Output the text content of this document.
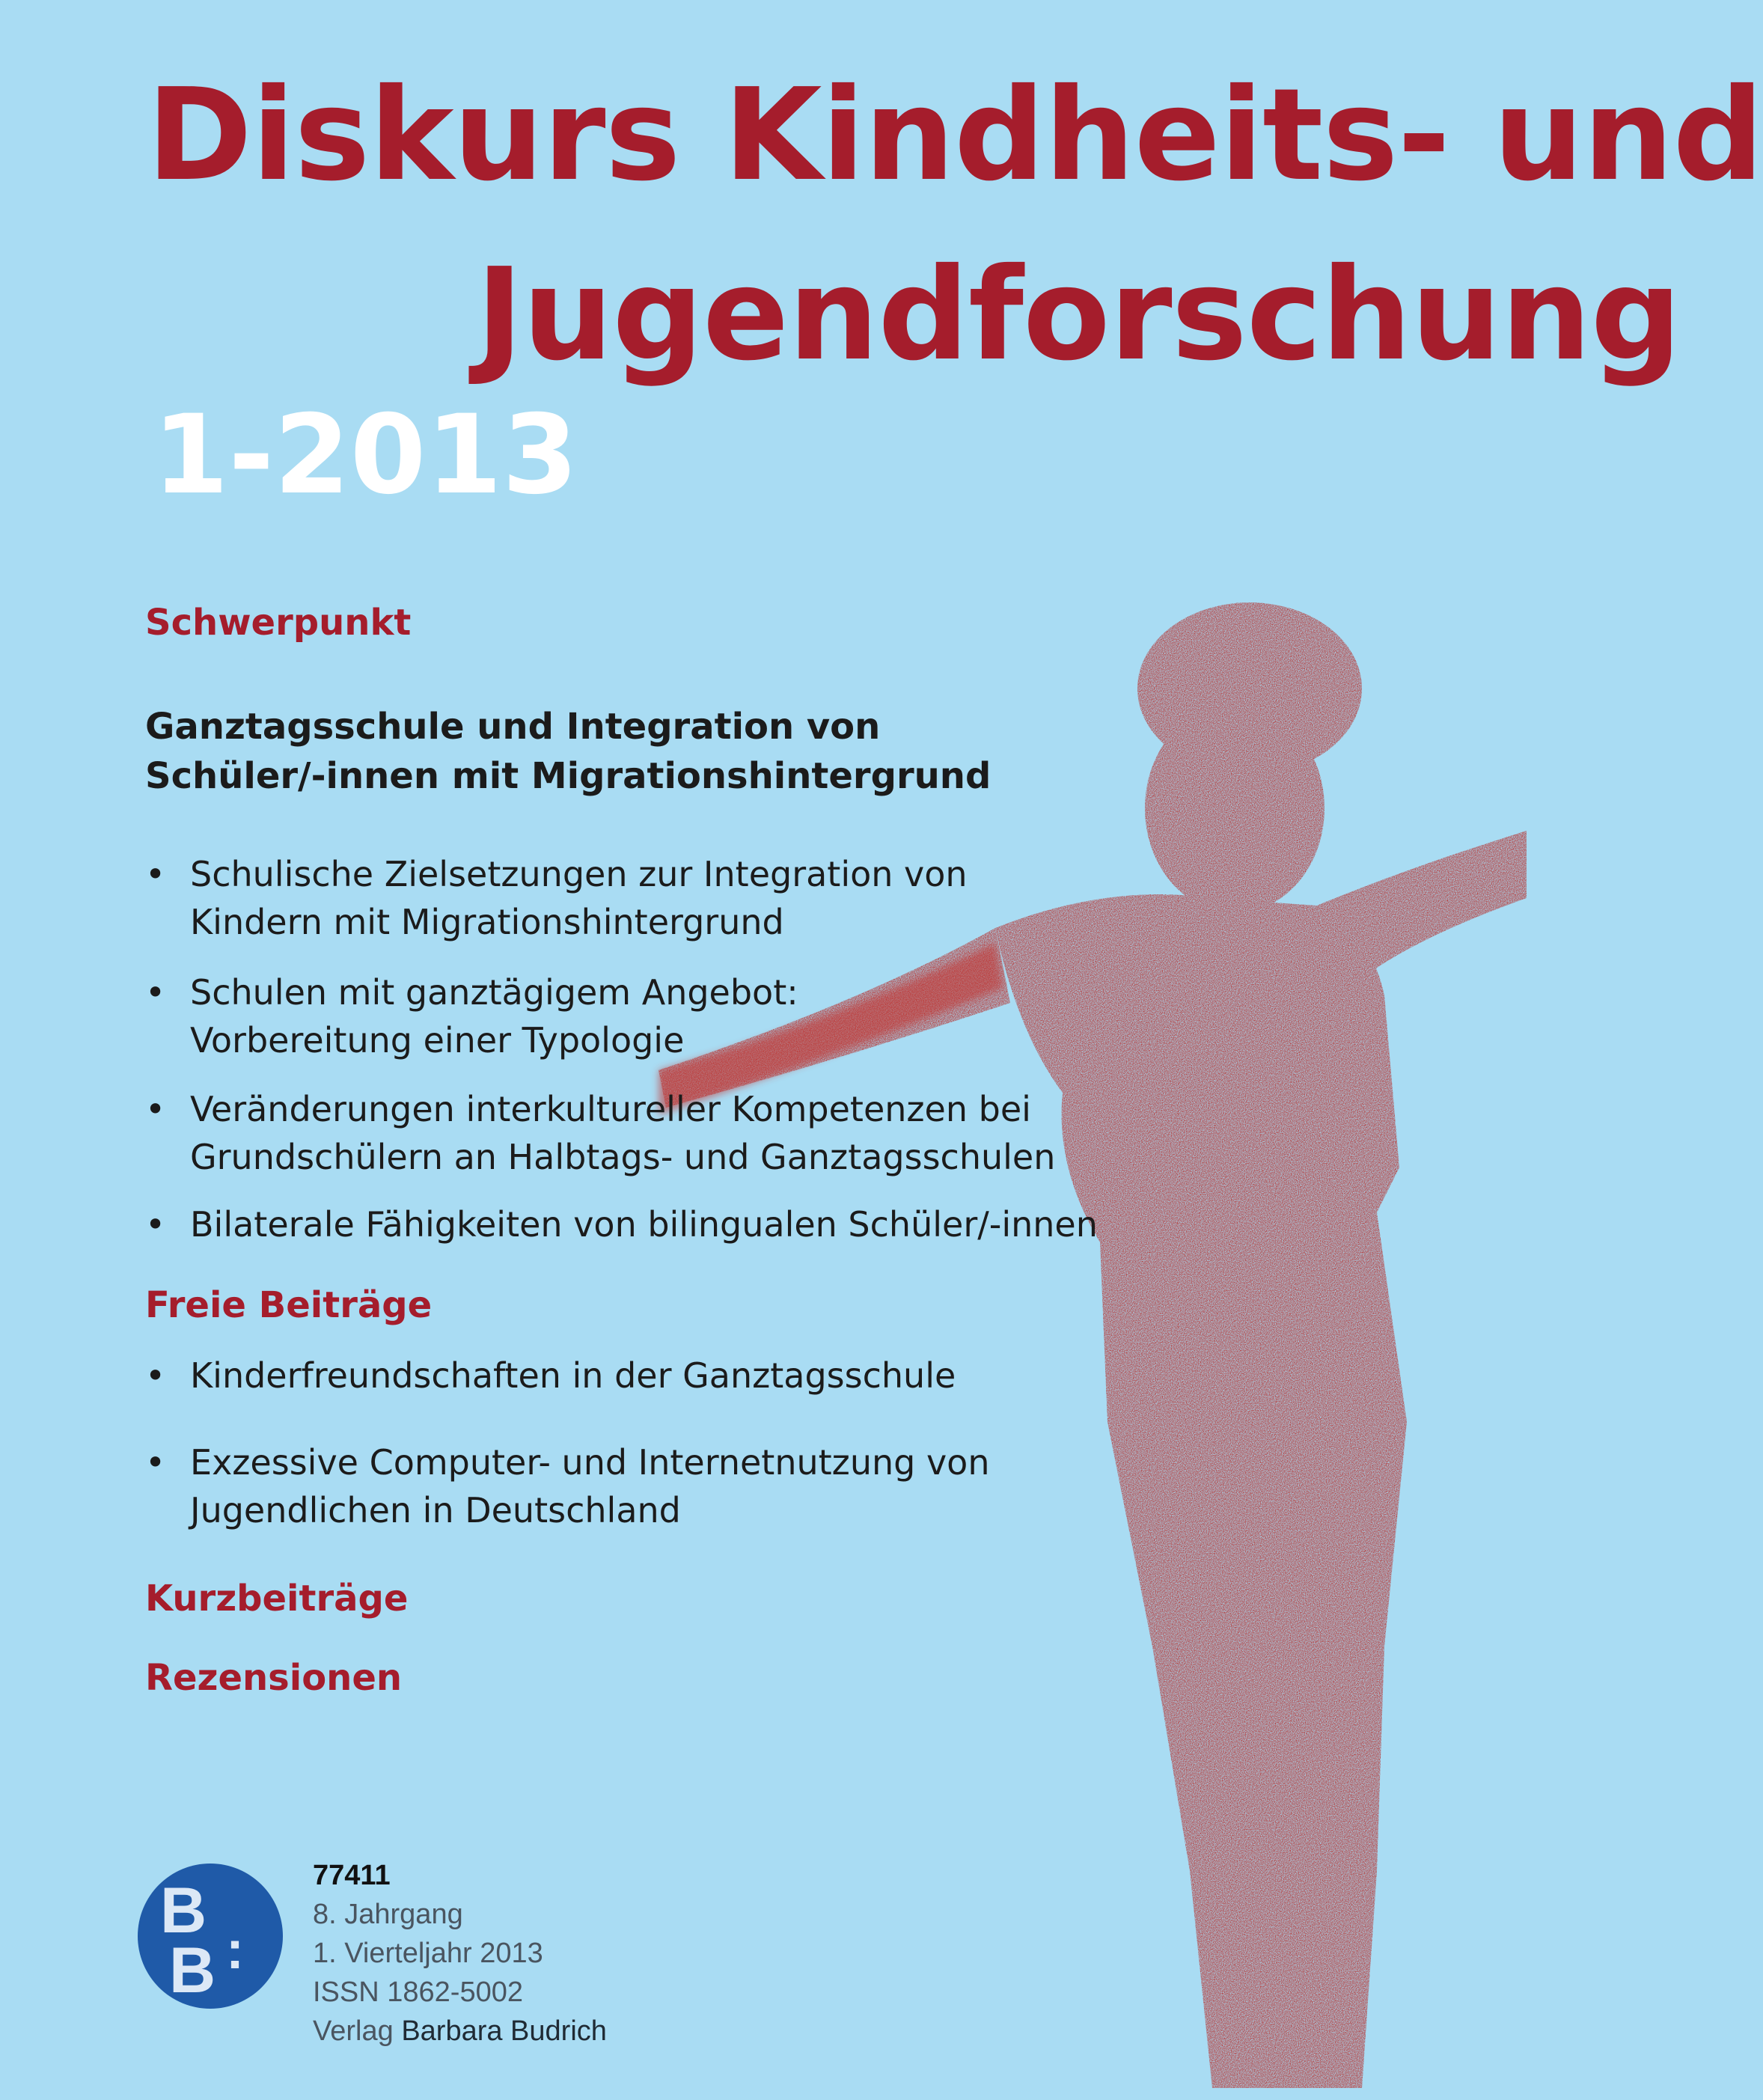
Diskurs Kindheits- und
Jugendforschung
1-2013
Schwerpunkt
Ganztagsschule und Integration von
Schüler/-innen mit Migrationshintergrund
• Schulische Zielsetzungen zur Integration von
Kindern mit Migrationshintergrund
• Schulen mit ganztägigem Angebot:
Vorbereitung einer Typologie
• Veränderungen interkultureller Kompetenzen bei
Grundschülern an Halbtags- und Ganztagsschulen
• Bilaterale Fähigkeiten von bilingualen Schüler/-innen
Freie Beiträge
• Kinderfreundschaften in der Ganztagsschule
• Exzessive Computer- und Internetnutzung von
Jugendlichen in Deutschland
Kurzbeiträge
Rezensionen
B
B :
77411
8. Jahrgang
1. Vierteljahr 2013
ISSN 1862-5002
Verlag Barbara Budrich
